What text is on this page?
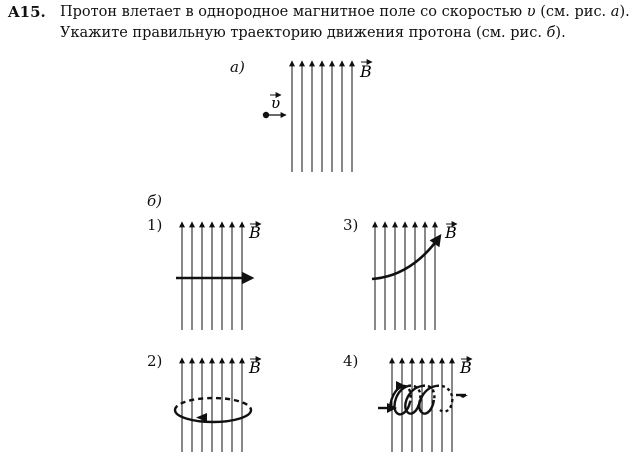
A15. Протон влетает в однородное магнитное поле со скоростью υ (см. рис. а).
Укажите правильную траекторию движения протона (см. рис. б).
а)
б)
1)	3)
2)	4)
B
υ
B	B
B	B
